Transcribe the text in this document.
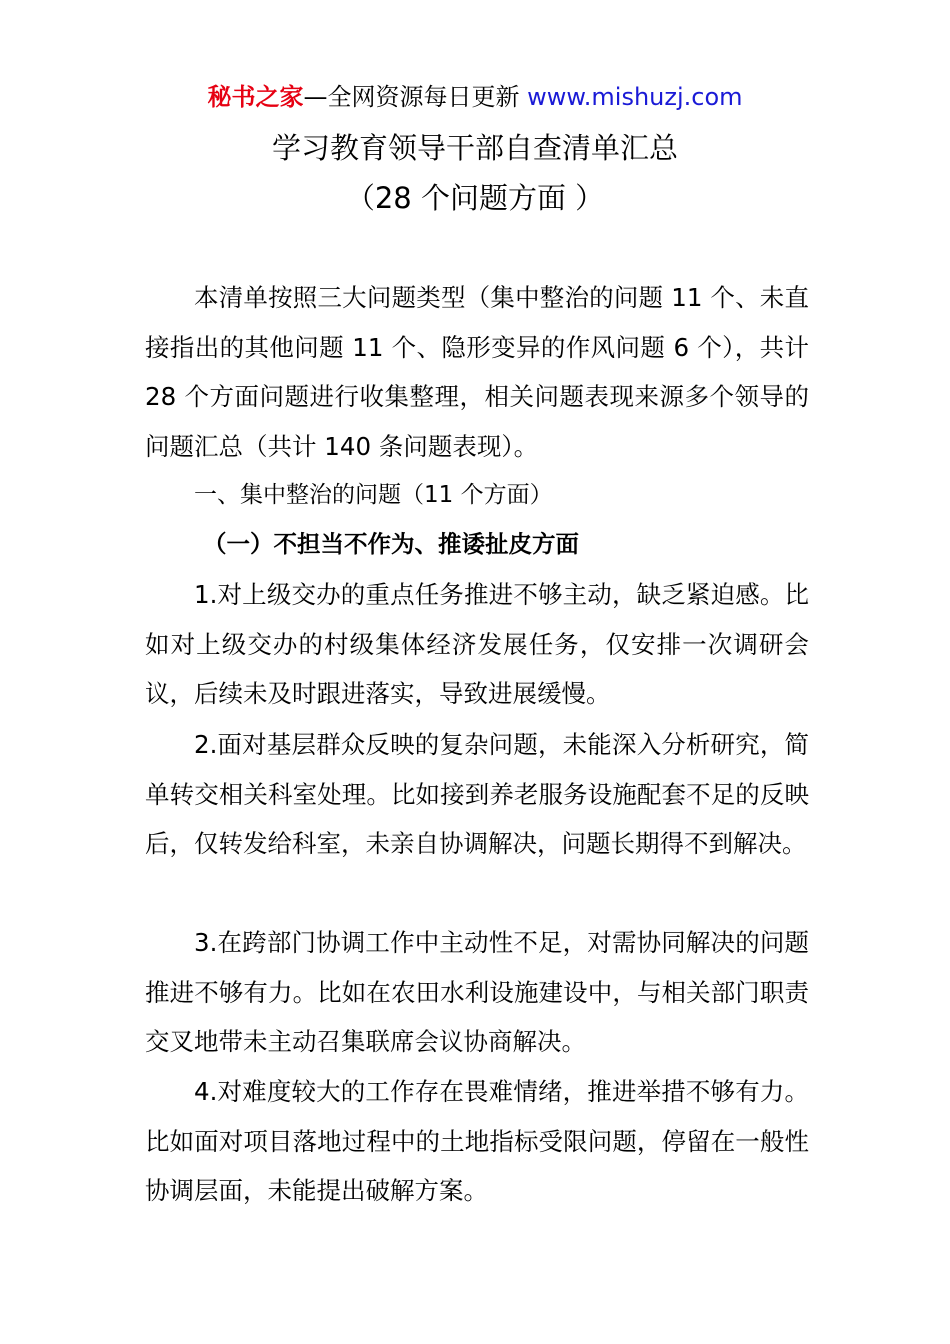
秘书之家—全网资源每日更新 www.mishuzj.com
学习教育领导干部自查清单汇总
（28 个问题方面 ）

本清单按照三大问题类型（集中整治的问题 11 个、未直接指出的其他问题 11 个、隐形变异的作风问题 6 个），共计 28 个方面问题进行收集整理，相关问题表现来源多个领导的问题汇总（共计 140 条问题表现）。

一、集中整治的问题（11 个方面）

（一）不担当不作为、推诿扯皮方面

1.对上级交办的重点任务推进不够主动，缺乏紧迫感。比如对上级交办的村级集体经济发展任务，仅安排一次调研会议，后续未及时跟进落实，导致进展缓慢。

2.面对基层群众反映的复杂问题，未能深入分析研究，简单转交相关科室处理。比如接到养老服务设施配套不足的反映后，仅转发给科室，未亲自协调解决，问题长期得不到解决。

3.在跨部门协调工作中主动性不足，对需协同解决的问题推进不够有力。比如在农田水利设施建设中，与相关部门职责交叉地带未主动召集联席会议协商解决。

4.对难度较大的工作存在畏难情绪，推进举措不够有力。比如面对项目落地过程中的土地指标受限问题，停留在一般性协调层面，未能提出破解方案。
